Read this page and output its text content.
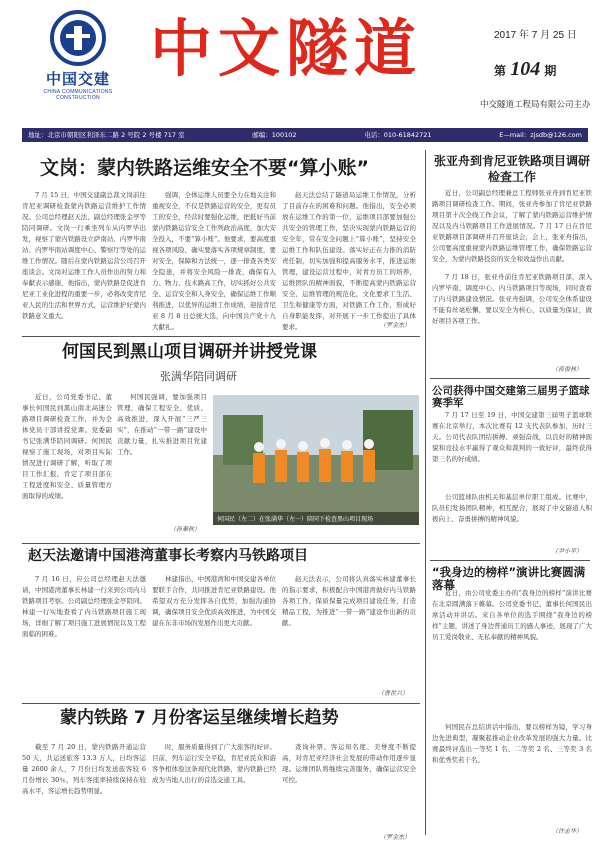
中国交建
CHINA COMMUNICATIONS CONSTRUCTION
中文隧道	2017 年 7 月 25 日
第 104 期
中交隧道工程局有限公司主办
地址：北京市朝阳区利泽东二路 2 号院 2 号楼 717 室	邮编：100102	电话：010-61842721	E—mail：zjsdb@126.com
文岗：蒙内铁路运维安全不要“算小账”
7 月 15 日，中国交建副总裁文岗前往肯尼亚调研检查蒙内铁路运营维护工作情况。公司总经理赵天法、副总经理张金亭等陪同调研。文岗一行乘坐列车从内罗毕出发，视察了蒙内铁路设立萨南站、内罗毕南站、内罗毕南站调度中心、警察厅等处的运维工作情况。随后在蒙内铁路运营公司召开座谈会。文岗对运维工作人员作出的努力和奉献表示感谢，他指出，蒙内铁路是促进肯尼亚工业化进程的重要一步，必将改变肯尼亚人民的生活和世界方式，运营维护好蒙内铁路意义重大。
强调，全体运维人员要全力在地关注和重视安全，不仅是铁路运营的安全，更有员工的安全，经营时要强化运维，把抵好当前蒙内铁路运营安全工作列政治高度，加大安全投入，不要“算小账”。他要求，要高度重视各项风险，确实要落实各项规章制度，要对安全，保障和方法统一，逐一排查各类安全隐患，并将安全风险一排查，确保有人力、物力、技术路高工作，切实抓好公共安全、运营安全和人身安全，确保运维工作顺利推进，以优异的运维工作成绩，迎接肯尼亚 8 月 8 日总统大选，向中国共产党十九大献礼。
赵天法总结了隧道局运维工作情况，分析了目前存在的困难和问题。他指出，安全必须放在运维工作的第一位，运维项目部要加强公共安全的管理工作，坚决实现蒙内铁路运营的安全年，常在安全问题上“算小账”，坚持安全运维工作和队伍建设。落实好正在力推的消防责任制，切实加强和提高服务水平，推进运维管理，建设运营过程中，对青方员工的培养，运维团队的精神面貌，不断提高蒙内铁路运营安全、运维管理的规范化，文化要求工生活、卫生和健康等方面，对铁路工作工作，形成好自身职能发挥，对开展下一步工作提出了具体要求。	（罗金杰）
何国民到黑山项目调研并讲授党课
张满华陪同调研
近日，公司党委书记、董事长何国民到黑山南北高速公路项目调研检查工作，并为全体党员干部讲授党课。党委副书记张满华陪同调研。何国民视察了施工现场，对项目实际情况进行调研了解，听取了项目工作汇报，肯定了项目部在工程进度和安全、质量管理方面取得的成绩。
何国民强调，要加强项目管理，确保工程安全、优质、高效推进，深入开展“三严三实”，在推动“一带一路”建设中贡献力量，扎实推进项目党建工作。
（孙秦秋）
何国民（左二）在张满华（左一）陪同下检查黑山项目现场
张亚舟到肯尼亚铁路项目调研检查工作
近日，公司副总经理兼总工程师张亚舟到肯尼亚铁路项目调研检查工作。期间，张亚舟参加了肯尼亚铁路项目第十次全线工作会议，了解了蒙内铁路运营维护情况以及内马铁路项目工作进展情况。7 月 17 日在肯尼亚铁路项目部调研并召开座谈会，会上，张亚舟指出，公司要高度重视蒙内铁路运维管理工作，确保铁路运营安全，为蒙内铁路投资的安全和效益作出贡献。
7 月 18 日，张亚舟前往肯尼亚铁路项目部，深入内罗毕南、调度中心、内马铁路项目等现场，同时查看了内马铁路建设情况。张亚舟强调，公司安全体系建设不能有丝毫松懈，要以安全为核心，以质量为保证，做好项目各项工作。
（蒋俊林）
公司获得中国交建第三届男子篮球赛季军
7 月 17 日至 19 日，中国交建第三届男子篮球联赛在北京举行，本次比赛有 12 支代表队参加，历时三天。公司代表队团结拼搏、顽强奋战，以良好的精神面貌和竞技水平赢得了观众和裁判的一致好评，最终获得第三名的好成绩。
公司篮球队由机关和基层单位职工组成。比赛中，队员们发扬团队精神，相互配合，展现了中交隧道人积极向上、奋勇拼搏的精神风貌。
（尹小平）
赵天法邀请中国港湾董事长考察内马铁路项目
7 月 16 日，应公司总经理赵天法邀请，中国港湾董事长林建一行来到公司内马铁路项目考察。公司副总经理张金亭陪同。林建一行实地查看了内马铁路项目施工现场，详细了解了项目施工进展情况以及工程面临的困难。
林建指出，中国港湾和中国交建各单位要联手合作，共同推进肯尼亚铁路建设。他希望双方充分发挥各自优势，加强沟通协调，确保项目安全优质高效推进，为中国交建在东非市场的发展作出更大贡献。
赵天法表示，公司将认真落实林建董事长的指示要求，积极配合中国港湾做好内马铁路各项工作，保质保量完成项目建设任务，打造精品工程，为推进“一带一路”建设作出新的贡献。
（曹世兴）
“我身边的榜样”演讲比赛圆满落幕
近日，由公司党委主办的“我身边的榜样”演讲比赛在北京圆满落下帷幕。公司党委书记、董事长何国民出席活动并讲话。来自各单位的选手围绕“我身边的榜样”主题，讲述了身边普通员工的感人事迹，展现了广大员工爱岗敬业、无私奉献的精神风貌。
何国民在总结讲话中指出，要以榜样为镜，学习身边先进典型，凝聚起推动企业改革发展的强大力量。比赛最终评选出一等奖 1 名、二等奖 2 名、三等奖 3 名和优秀奖若干名。
（许志华）
蒙内铁路 7 月份客运呈继续增长趋势
截至 7 月 20 日，蒙内铁路开通运营 50 天，共运送旅客 13.3 万人，日均客运量 2600 余人，7 月份日均发送旅客较 6 月份增长 30％，列车客座率持续保持在较高水平，客运增长趋势明显。
时，服务质量得到了广大旅客的好评。目前，列车运行安全平稳，肯尼亚民众和游客争相体验这条现代化铁路，蒙内铁路已经成为当地人出行的首选交通工具。
查询补票、客运知名度、美誉度不断提高，对肯尼亚经济社会发展的带动作用逐步显现。运维团队将继续完善服务，确保运营安全可控。
（罗金杰）
